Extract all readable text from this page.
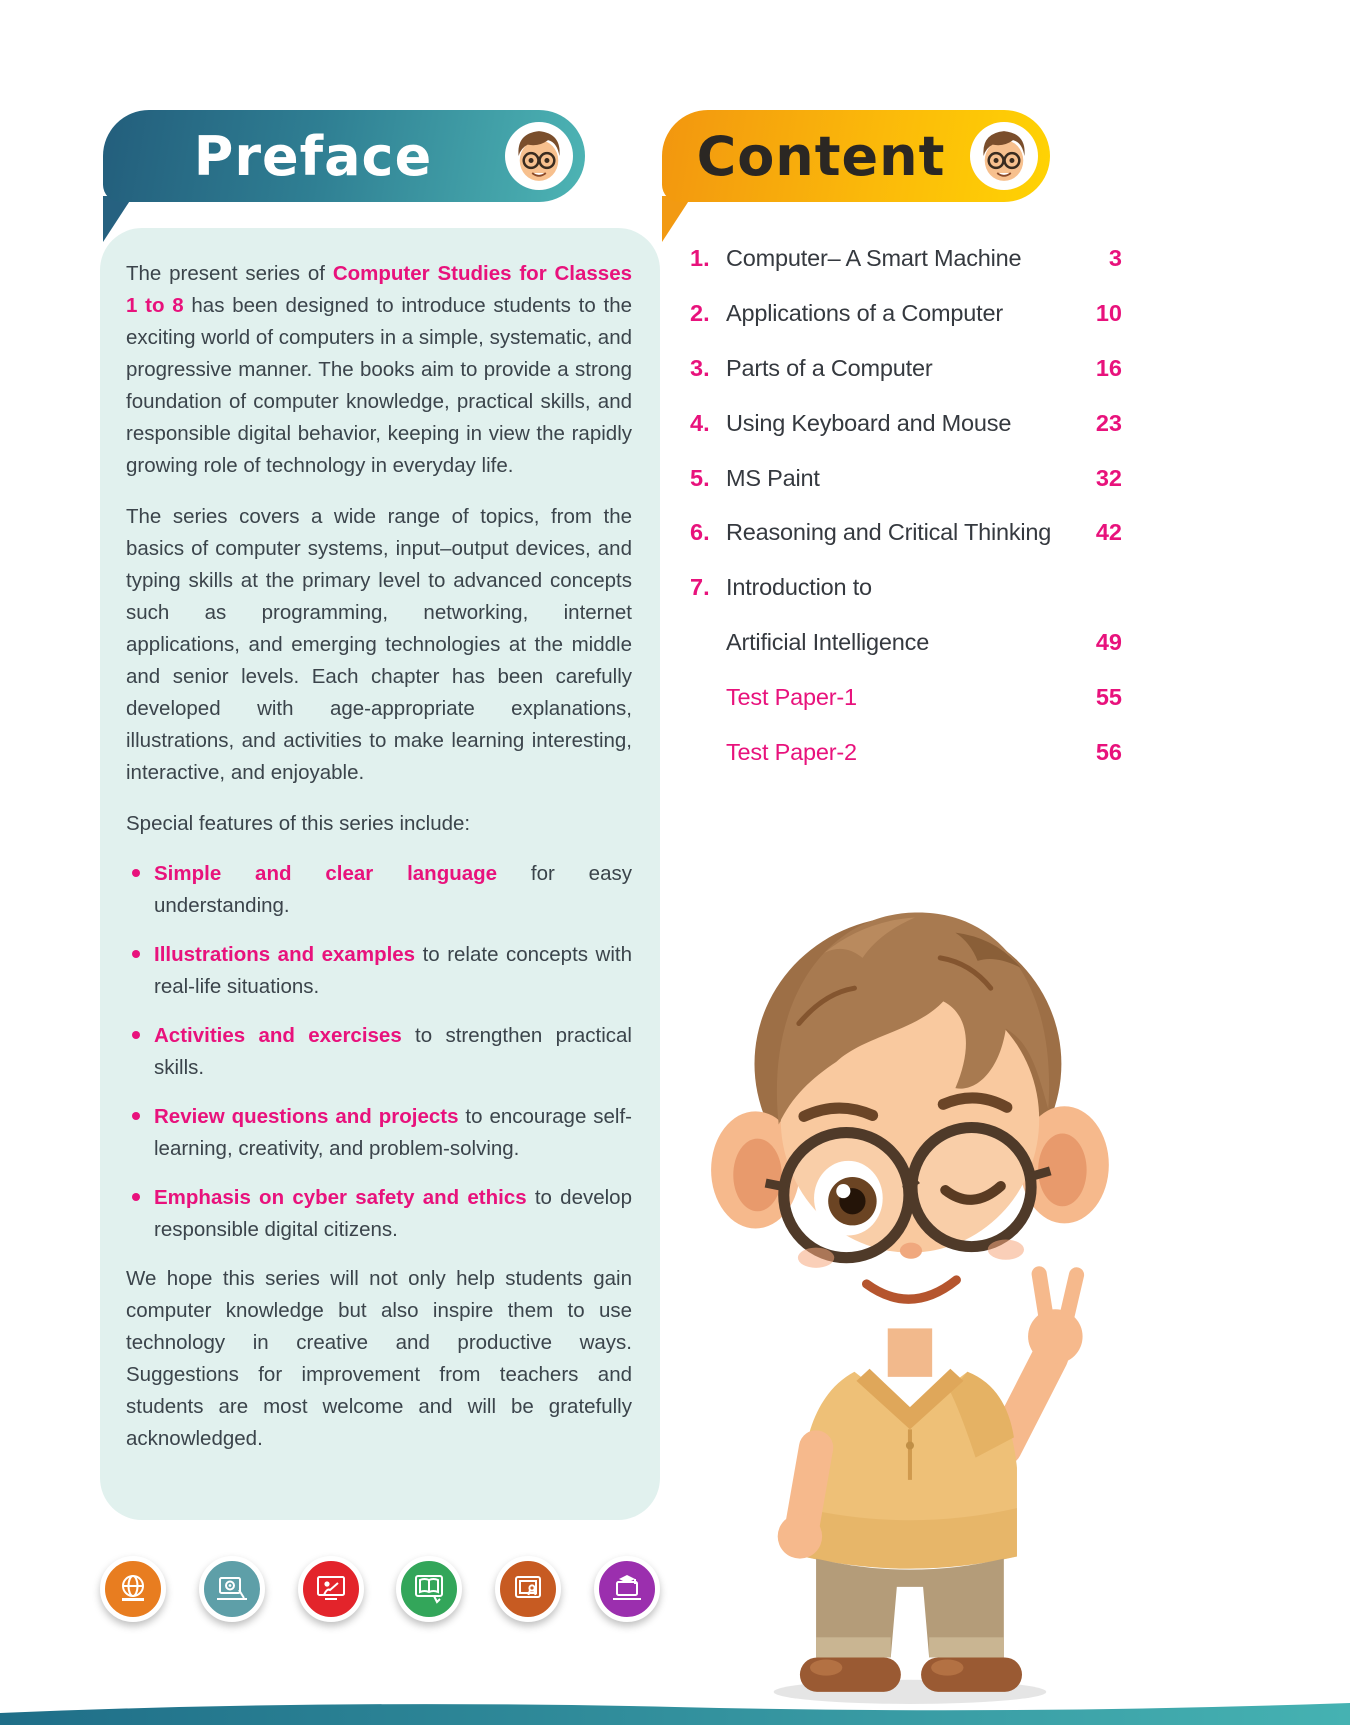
Preface

The present series of Computer Studies for Classes 1 to 8 has been designed to introduce students to the exciting world of computers in a simple, systematic, and progressive manner. The books aim to provide a strong foundation of computer knowledge, practical skills, and responsible digital behavior, keeping in view the rapidly growing role of technology in everyday life.

The series covers a wide range of topics, from the basics of computer systems, input–output devices, and typing skills at the primary level to advanced concepts such as programming, networking, internet applications, and emerging technologies at the middle and senior levels. Each chapter has been carefully developed with age-appropriate explanations, illustrations, and activities to make learning interesting, interactive, and enjoyable.

Special features of this series include:

Simple and clear language for easy understanding.

Illustrations and examples to relate concepts with real-life situations.

Activities and exercises to strengthen practical skills.

Review questions and projects to encourage self-learning, creativity, and problem-solving.

Emphasis on cyber safety and ethics to develop responsible digital citizens.

We hope this series will not only help students gain computer knowledge but also inspire them to use technology in creative and productive ways. Suggestions for improvement from teachers and students are most welcome and will be gratefully acknowledged.

Content
1. Computer– A Smart Machine	3
2. Applications of a Computer	10
3. Parts of a Computer	16
4. Using Keyboard and Mouse	23
5. MS Paint	32
6. Reasoning and Critical Thinking	42
7. Introduction to
Artificial Intelligence	49
Test Paper-1	55
Test Paper-2	56
